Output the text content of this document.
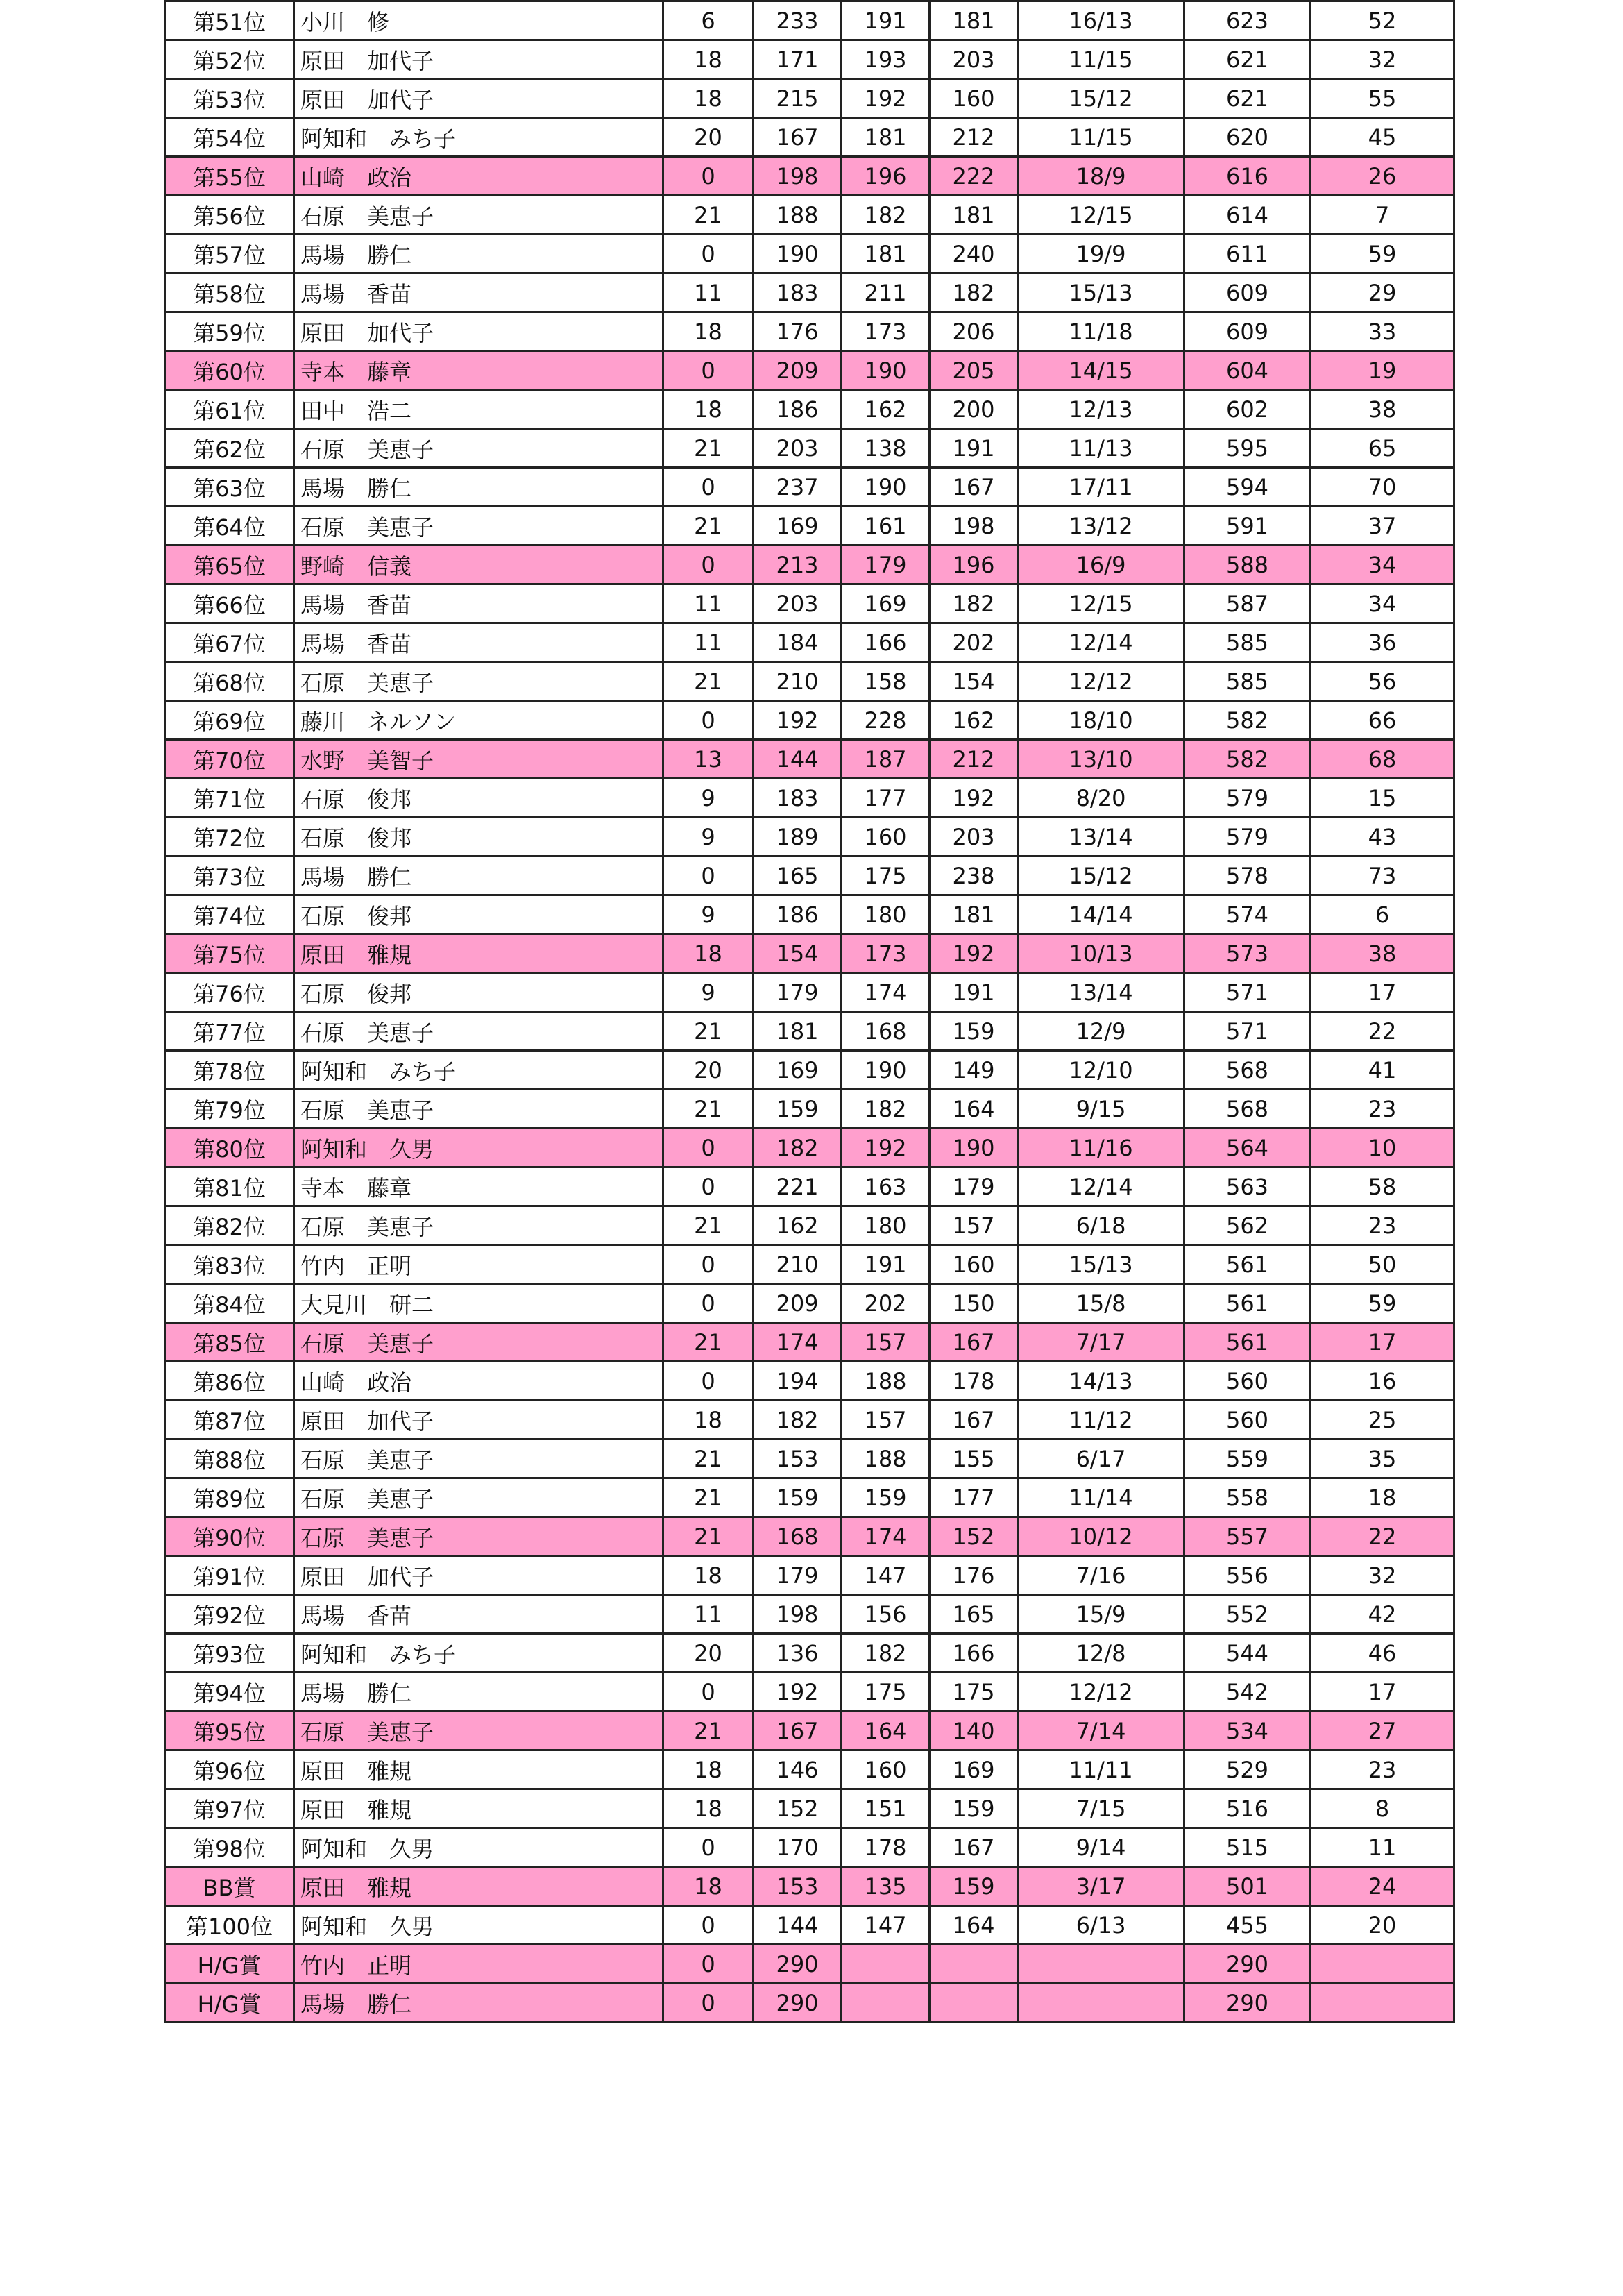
第51位	小川　修	6	233	191	181	16/13	623	52
第52位	原田　加代子	18	171	193	203	11/15	621	32
第53位	原田　加代子	18	215	192	160	15/12	621	55
第54位	阿知和　みち子	20	167	181	212	11/15	620	45
第55位	山崎　政治	0	198	196	222	18/9	616	26
第56位	石原　美恵子	21	188	182	181	12/15	614	7
第57位	馬場　勝仁	0	190	181	240	19/9	611	59
第58位	馬場　香苗	11	183	211	182	15/13	609	29
第59位	原田　加代子	18	176	173	206	11/18	609	33
第60位	寺本　藤章	0	209	190	205	14/15	604	19
第61位	田中　浩二	18	186	162	200	12/13	602	38
第62位	石原　美恵子	21	203	138	191	11/13	595	65
第63位	馬場　勝仁	0	237	190	167	17/11	594	70
第64位	石原　美恵子	21	169	161	198	13/12	591	37
第65位	野崎　信義	0	213	179	196	16/9	588	34
第66位	馬場　香苗	11	203	169	182	12/15	587	34
第67位	馬場　香苗	11	184	166	202	12/14	585	36
第68位	石原　美恵子	21	210	158	154	12/12	585	56
第69位	藤川　ネルソン	0	192	228	162	18/10	582	66
第70位	水野　美智子	13	144	187	212	13/10	582	68
第71位	石原　俊邦	9	183	177	192	8/20	579	15
第72位	石原　俊邦	9	189	160	203	13/14	579	43
第73位	馬場　勝仁	0	165	175	238	15/12	578	73
第74位	石原　俊邦	9	186	180	181	14/14	574	6
第75位	原田　雅規	18	154	173	192	10/13	573	38
第76位	石原　俊邦	9	179	174	191	13/14	571	17
第77位	石原　美恵子	21	181	168	159	12/9	571	22
第78位	阿知和　みち子	20	169	190	149	12/10	568	41
第79位	石原　美恵子	21	159	182	164	9/15	568	23
第80位	阿知和　久男	0	182	192	190	11/16	564	10
第81位	寺本　藤章	0	221	163	179	12/14	563	58
第82位	石原　美恵子	21	162	180	157	6/18	562	23
第83位	竹内　正明	0	210	191	160	15/13	561	50
第84位	大見川　研二	0	209	202	150	15/8	561	59
第85位	石原　美恵子	21	174	157	167	7/17	561	17
第86位	山崎　政治	0	194	188	178	14/13	560	16
第87位	原田　加代子	18	182	157	167	11/12	560	25
第88位	石原　美恵子	21	153	188	155	6/17	559	35
第89位	石原　美恵子	21	159	159	177	11/14	558	18
第90位	石原　美恵子	21	168	174	152	10/12	557	22
第91位	原田　加代子	18	179	147	176	7/16	556	32
第92位	馬場　香苗	11	198	156	165	15/9	552	42
第93位	阿知和　みち子	20	136	182	166	12/8	544	46
第94位	馬場　勝仁	0	192	175	175	12/12	542	17
第95位	石原　美恵子	21	167	164	140	7/14	534	27
第96位	原田　雅規	18	146	160	169	11/11	529	23
第97位	原田　雅規	18	152	151	159	7/15	516	8
第98位	阿知和　久男	0	170	178	167	9/14	515	11
BB賞	原田　雅規	18	153	135	159	3/17	501	24
第100位	阿知和　久男	0	144	147	164	6/13	455	20
H/G賞	竹内　正明	0	290				290	
H/G賞	馬場　勝仁	0	290				290	
